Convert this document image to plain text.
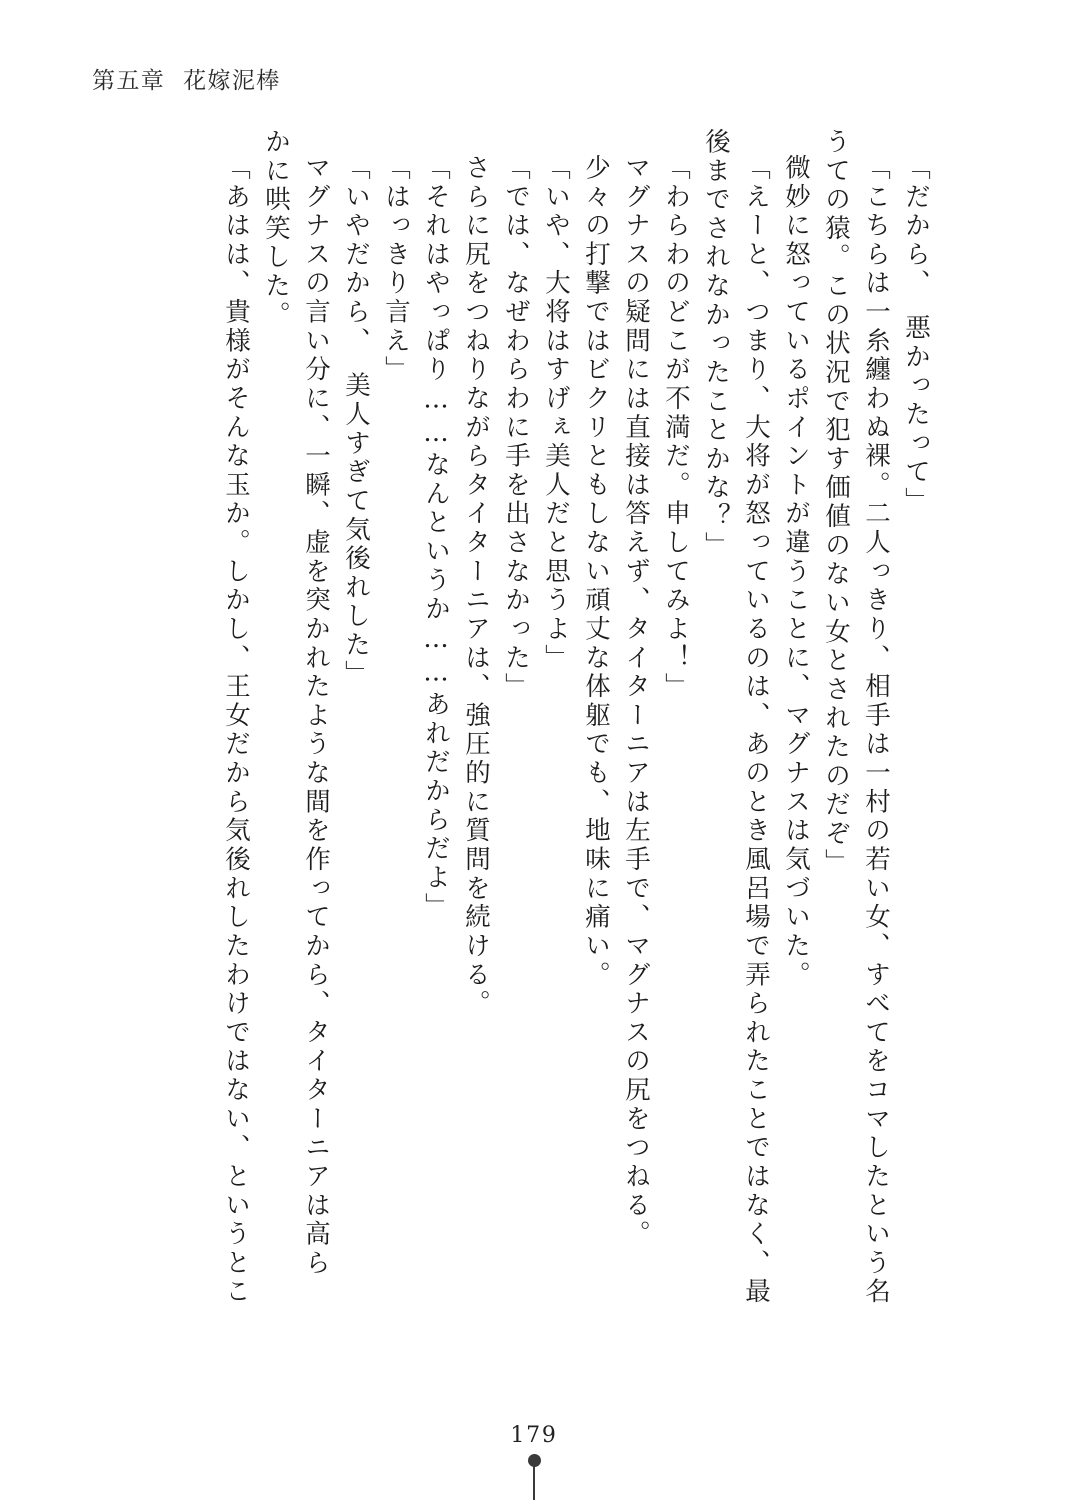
第五章 花嫁泥棒
「だから、　悪かったって」
「こちらは一糸纏わぬ裸。二人っきり、相手は一村の若い女、すべてをコマしたという名
うての猿。この状況で犯す価値のない女とされたのだぞ」
微妙に怒っているポイントが違うことに、マグナスは気づいた。
「えーと、つまり、大将が怒っているのは、あのとき風呂場で弄られたことではなく、最
後までされなかったことかな？」
「わらわのどこが不満だ。申してみよ！」
マグナスの疑問には直接は答えず、タイターニアは左手で、マグナスの尻をつねる。
少々の打撃ではビクリともしない頑丈な体躯でも、地味に痛い。
「いや、大将はすげぇ美人だと思うよ」
「では、なぜわらわに手を出さなかった」
さらに尻をつねりながらタイターニアは、強圧的に質問を続ける。
「それはやっぱり……なんというか……あれだからだよ」
「はっきり言え」
「いやだから、　美人すぎて気後れした」
マグナスの言い分に、一瞬、虚を突かれたような間を作ってから、タイターニアは高ら
かに哄笑した。
「あはは、貴様がそんな玉か。しかし、王女だから気後れしたわけではない、というとこ
179
